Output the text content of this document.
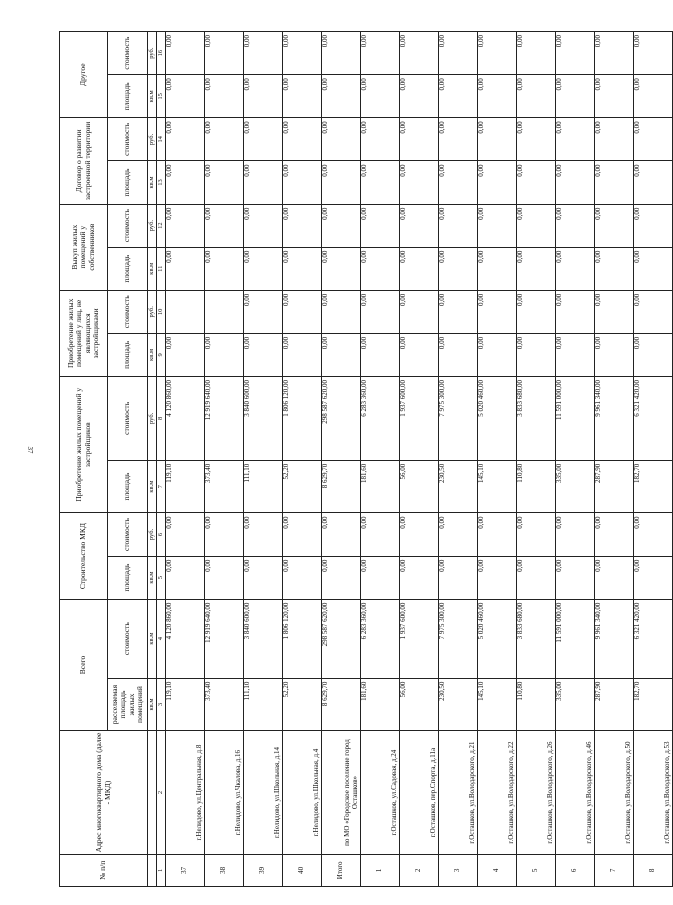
37
№ п/п	Адрес многоквартирного дома (далее - МКД)	Всего		Строительство МКД		Приобретение жилых помещений у застройщиков		Приобретение жилых помещений у лиц, не являющихся застройщиками		Выкуп жилых помещений у собственников		Договор о развитии застроенной территории		Другое	
		расселяемая площадь жилых помещений	стоимость	площадь	стоимость	площадь	стоимость	площадь	стоимость	площадь	стоимость	площадь	стоимость	площадь	стоимость
		кв.м	кв.м	кв.м	руб.	кв.м	руб.	кв.м	руб.	кв.м	руб.	кв.м	руб.	кв.м	руб.
1	2	3	4	5	6	7	8	9	10	11	12	13	14	15	16
37	г.Нелидово, ул.Центральная, д.8	119,10	4 120 860,00	0,00	0,00	119,10	4 120 860,00	0,00		0,00	0,00	0,00	0,00	0,00	0,00
38	г.Нелидово, ул.Чкалова, д.16	373,40	12 919 640,00	0,00	0,00	373,40	12 919 640,00	0,00		0,00	0,00	0,00	0,00	0,00	0,00
39	г.Нелидово, ул.Школьная, д.14	111,10	3 840 600,00	0,00	0,00	111,10	3 840 600,00	0,00	0,00	0,00	0,00	0,00	0,00	0,00	0,00
40	г.Нелидово, ул.Школьная, д.4	52,20	1 806 120,00	0,00	0,00	52,20	1 806 120,00	0,00	0,00	0,00	0,00	0,00	0,00	0,00	0,00
Итого	по МО «Городское поселение город Осташков»	8 629,70	298 587 620,00	0,00	0,00	8 629,70	298 587 620,00	0,00	0,00	0,00	0,00	0,00	0,00	0,00	0,00
1	г.Осташков, ул.Садовая, д.24	181,60	6 283 360,00	0,00	0,00	181,60	6 283 360,00	0,00	0,00	0,00	0,00	0,00	0,00	0,00	0,00
2	г.Осташков, пер.Спорта, д.11а	56,00	1 937 600,00	0,00	0,00	56,00	1 937 600,00	0,00	0,00	0,00	0,00	0,00	0,00	0,00	0,00
3	г.Осташков, ул.Володарского, д.21	230,50	7 975 300,00	0,00	0,00	230,50	7 975 300,00	0,00	0,00	0,00	0,00	0,00	0,00	0,00	0,00
4	г.Осташков, ул.Володарского, д.22	145,10	5 020 460,00	0,00	0,00	145,10	5 020 460,00	0,00	0,00	0,00	0,00	0,00	0,00	0,00	0,00
5	г.Осташков, ул.Володарского, д.26	110,80	3 833 680,00	0,00	0,00	110,80	3 833 680,00	0,00	0,00	0,00	0,00	0,00	0,00	0,00	0,00
6	г.Осташков, ул.Володарского, д.46	335,00	11 591 000,00	0,00	0,00	335,00	11 591 000,00	0,00	0,00	0,00	0,00	0,00	0,00	0,00	0,00
7	г.Осташков, ул.Володарского, д.50	287,90	9 961 340,00	0,00	0,00	287,90	9 961 340,00	0,00	0,00	0,00	0,00	0,00	0,00	0,00	0,00
8	г.Осташков, ул.Володарского, д.53	182,70	6 321 420,00	0,00	0,00	182,70	6 321 420,00	0,00	0,00	0,00	0,00	0,00	0,00	0,00	0,00
